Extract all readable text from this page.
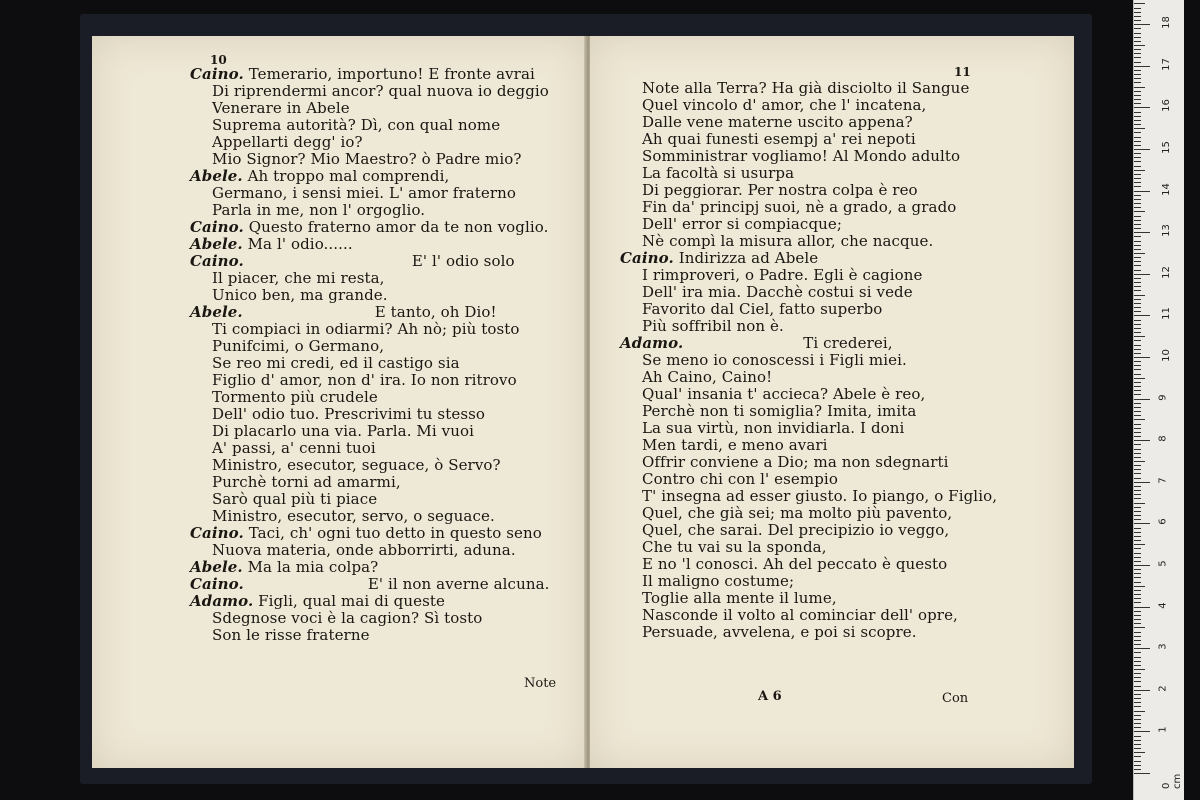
10
Caino. Temerario, importuno! E fronte avrai
Di riprendermi ancor? qual nuova io deggio
Venerare in Abele
Suprema autorità? Dì, con qual nome
Appellarti degg' io?
Mio Signor? Mio Maestro? ò Padre mio?
Abele. Ah troppo mal comprendi,
Germano, i sensi miei. L' amor fraterno
Parla in me, non l' orgoglio.
Caino. Questo fraterno amor da te non voglio.
Abele. Ma l' odio......
Caino.	E' l' odio solo
Il piacer, che mi resta,
Unico ben, ma grande.
Abele.	E tanto, oh Dio!
Ti compiaci in odiarmi? Ah nò; più tosto
Punifcimi, o Germano,
Se reo mi credi, ed il castigo sia
Figlio d' amor, non d' ira. Io non ritrovo
Tormento più crudele
Dell' odio tuo. Prescrivimi tu stesso
Di placarlo una via. Parla. Mi vuoi
A' passi, a' cenni tuoi
Ministro, esecutor, seguace, ò Servo?
Purchè torni ad amarmi,
Sarò qual più ti piace
Ministro, esecutor, servo, o seguace.
Caino. Taci, ch' ogni tuo detto in questo seno
Nuova materia, onde abborrirti, aduna.
Abele. Ma la mia colpa?
Caino.	E' il non averne alcuna.
Adamo. Figli, qual mai di queste
Sdegnose voci è la cagion? Sì tosto
Son le risse fraterne
Note
11
Note alla Terra? Ha già disciolto il Sangue
Quel vincolo d' amor, che l' incatena,
Dalle vene materne uscito appena?
Ah quai funesti esempj a' rei nepoti
Somministrar vogliamo! Al Mondo adulto
La facoltà si usurpa
Di peggiorar. Per nostra colpa è reo
Fin da' principj suoi, nè a grado, a grado
Dell' error si compiacque;
Nè compì la misura allor, che nacque.
Caino. Indirizza ad Abele
I rimproveri, o Padre. Egli è cagione
Dell' ira mia. Dacchè costui si vede
Favorito dal Ciel, fatto superbo
Più soffribil non è.
Adamo.	Ti crederei,
Se meno io conoscessi i Figli miei.
Ah Caino, Caino!
Qual' insania t' accieca? Abele è reo,
Perchè non ti somiglia? Imita, imita
La sua virtù, non invidiarla. I doni
Men tardi, e meno avari
Offrir conviene a Dio; ma non sdegnarti
Contro chi con l' esempio
T' insegna ad esser giusto. Io piango, o Figlio,
Quel, che già sei; ma molto più pavento,
Quel, che sarai. Del precipizio io veggo,
Che tu vai su la sponda,
E no 'l conosci. Ah del peccato è questo
Il maligno costume;
Toglie alla mente il lume,
Nasconde il volto al cominciar dell' opre,
Persuade, avvelena, e poi si scopre.
A 6	Con
0 cm
1
2
3
4
5
6
7
8
9
10
11
12
13
14
15
16
17
18
